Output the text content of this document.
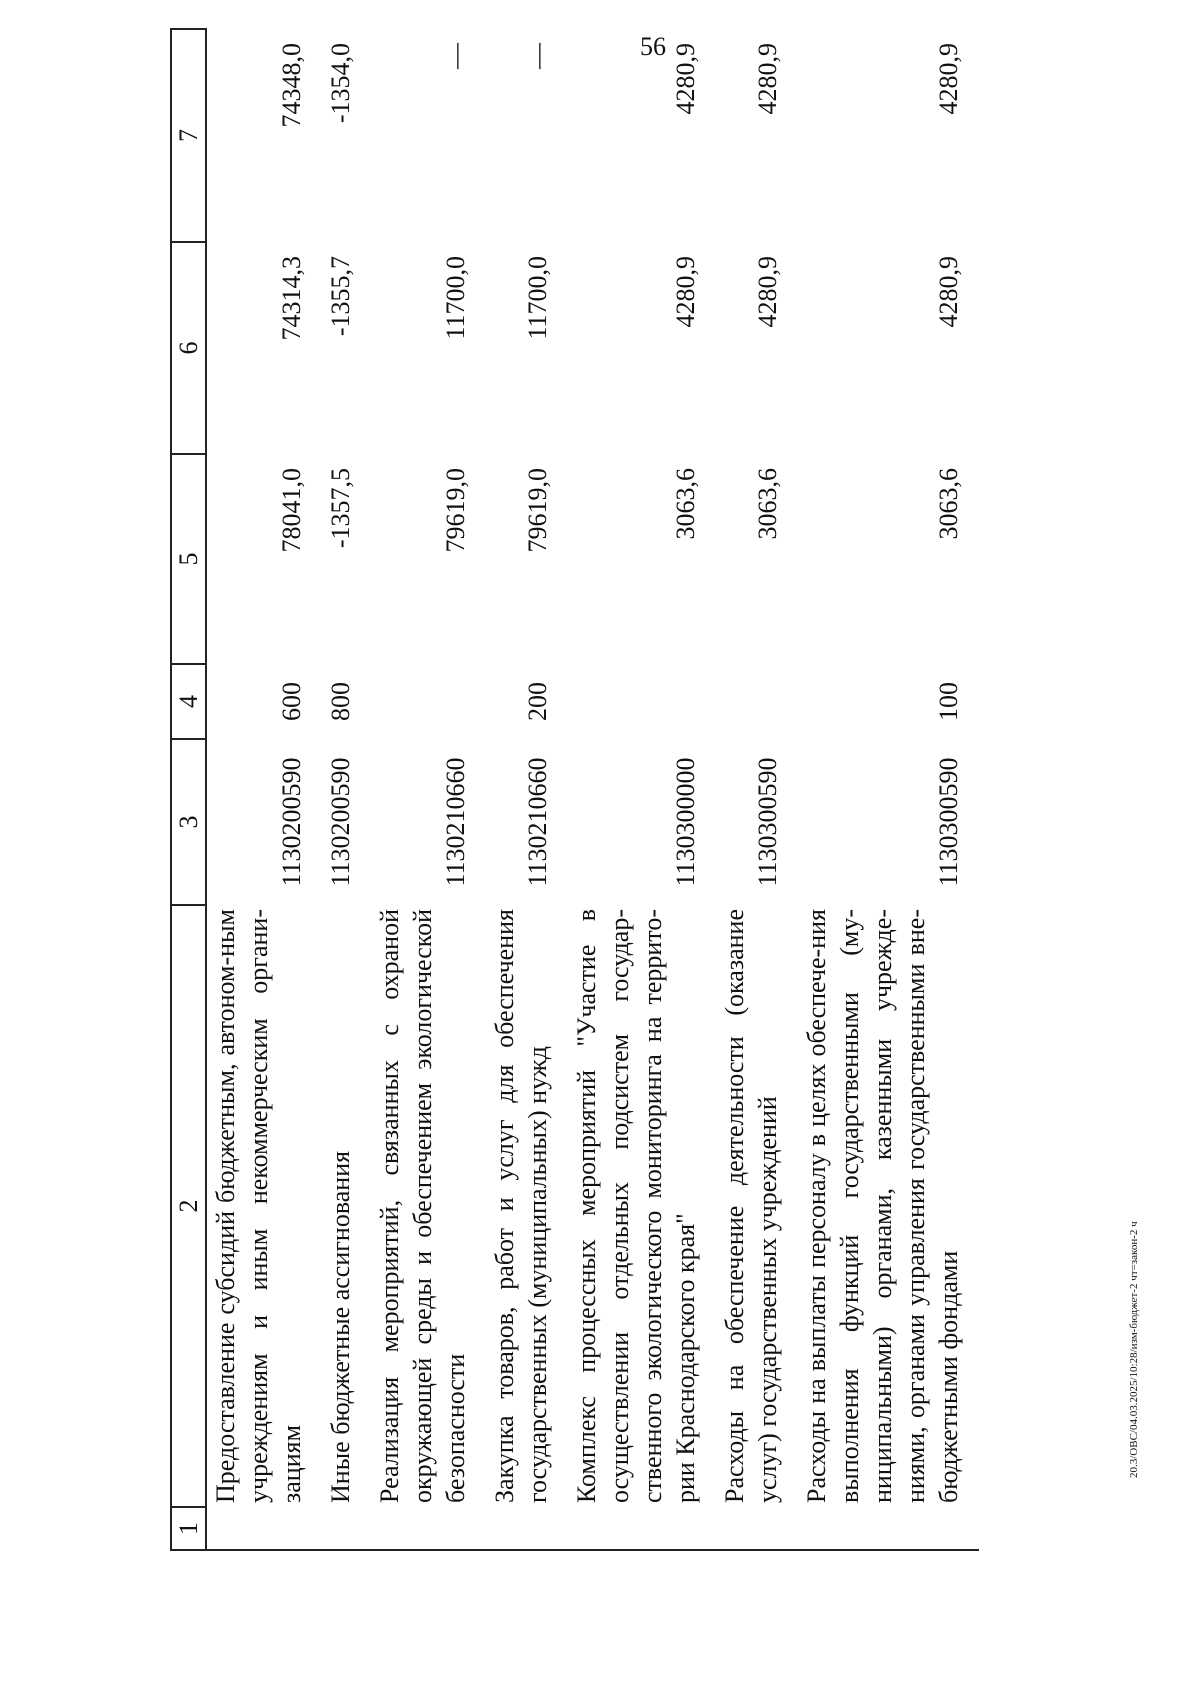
56
1	2	3	4	5	6	7
	Предоставление субсидий бюджетным, автоном-ным учреждениям и иным некоммерческим органи-зациям	1130200590	600	78041,0	74314,3	74348,0
	Иные бюджетные ассигнования	1130200590	800	-1357,5	-1355,7	-1354,0
	Реализация мероприятий, связанных с охраной окружающей среды и обеспечением экологической безопасности	1130210660		79619,0	11700,0	—
	Закупка товаров, работ и услуг для обеспечения государственных (муниципальных) нужд	1130210660	200	79619,0	11700,0	—
	Комплекс процессных мероприятий "Участие в осуществлении отдельных подсистем государ-ственного экологического мониторинга на террито-рии Краснодарского края"	1130300000		3063,6	4280,9	4280,9
	Расходы на обеспечение деятельности (оказание услуг) государственных учреждений	1130300590		3063,6	4280,9	4280,9
	Расходы на выплаты персоналу в целях обеспече-ния выполнения функций государственными (му-ниципальными) органами, казенными учрежде-ниями, органами управления государственными вне-бюджетными фондами	1130300590	100	3063,6	4280,9	4280,9
20.3/OBC/04.03.2025/10:28/изм-бюджет-2 чт=закон-2 ч
